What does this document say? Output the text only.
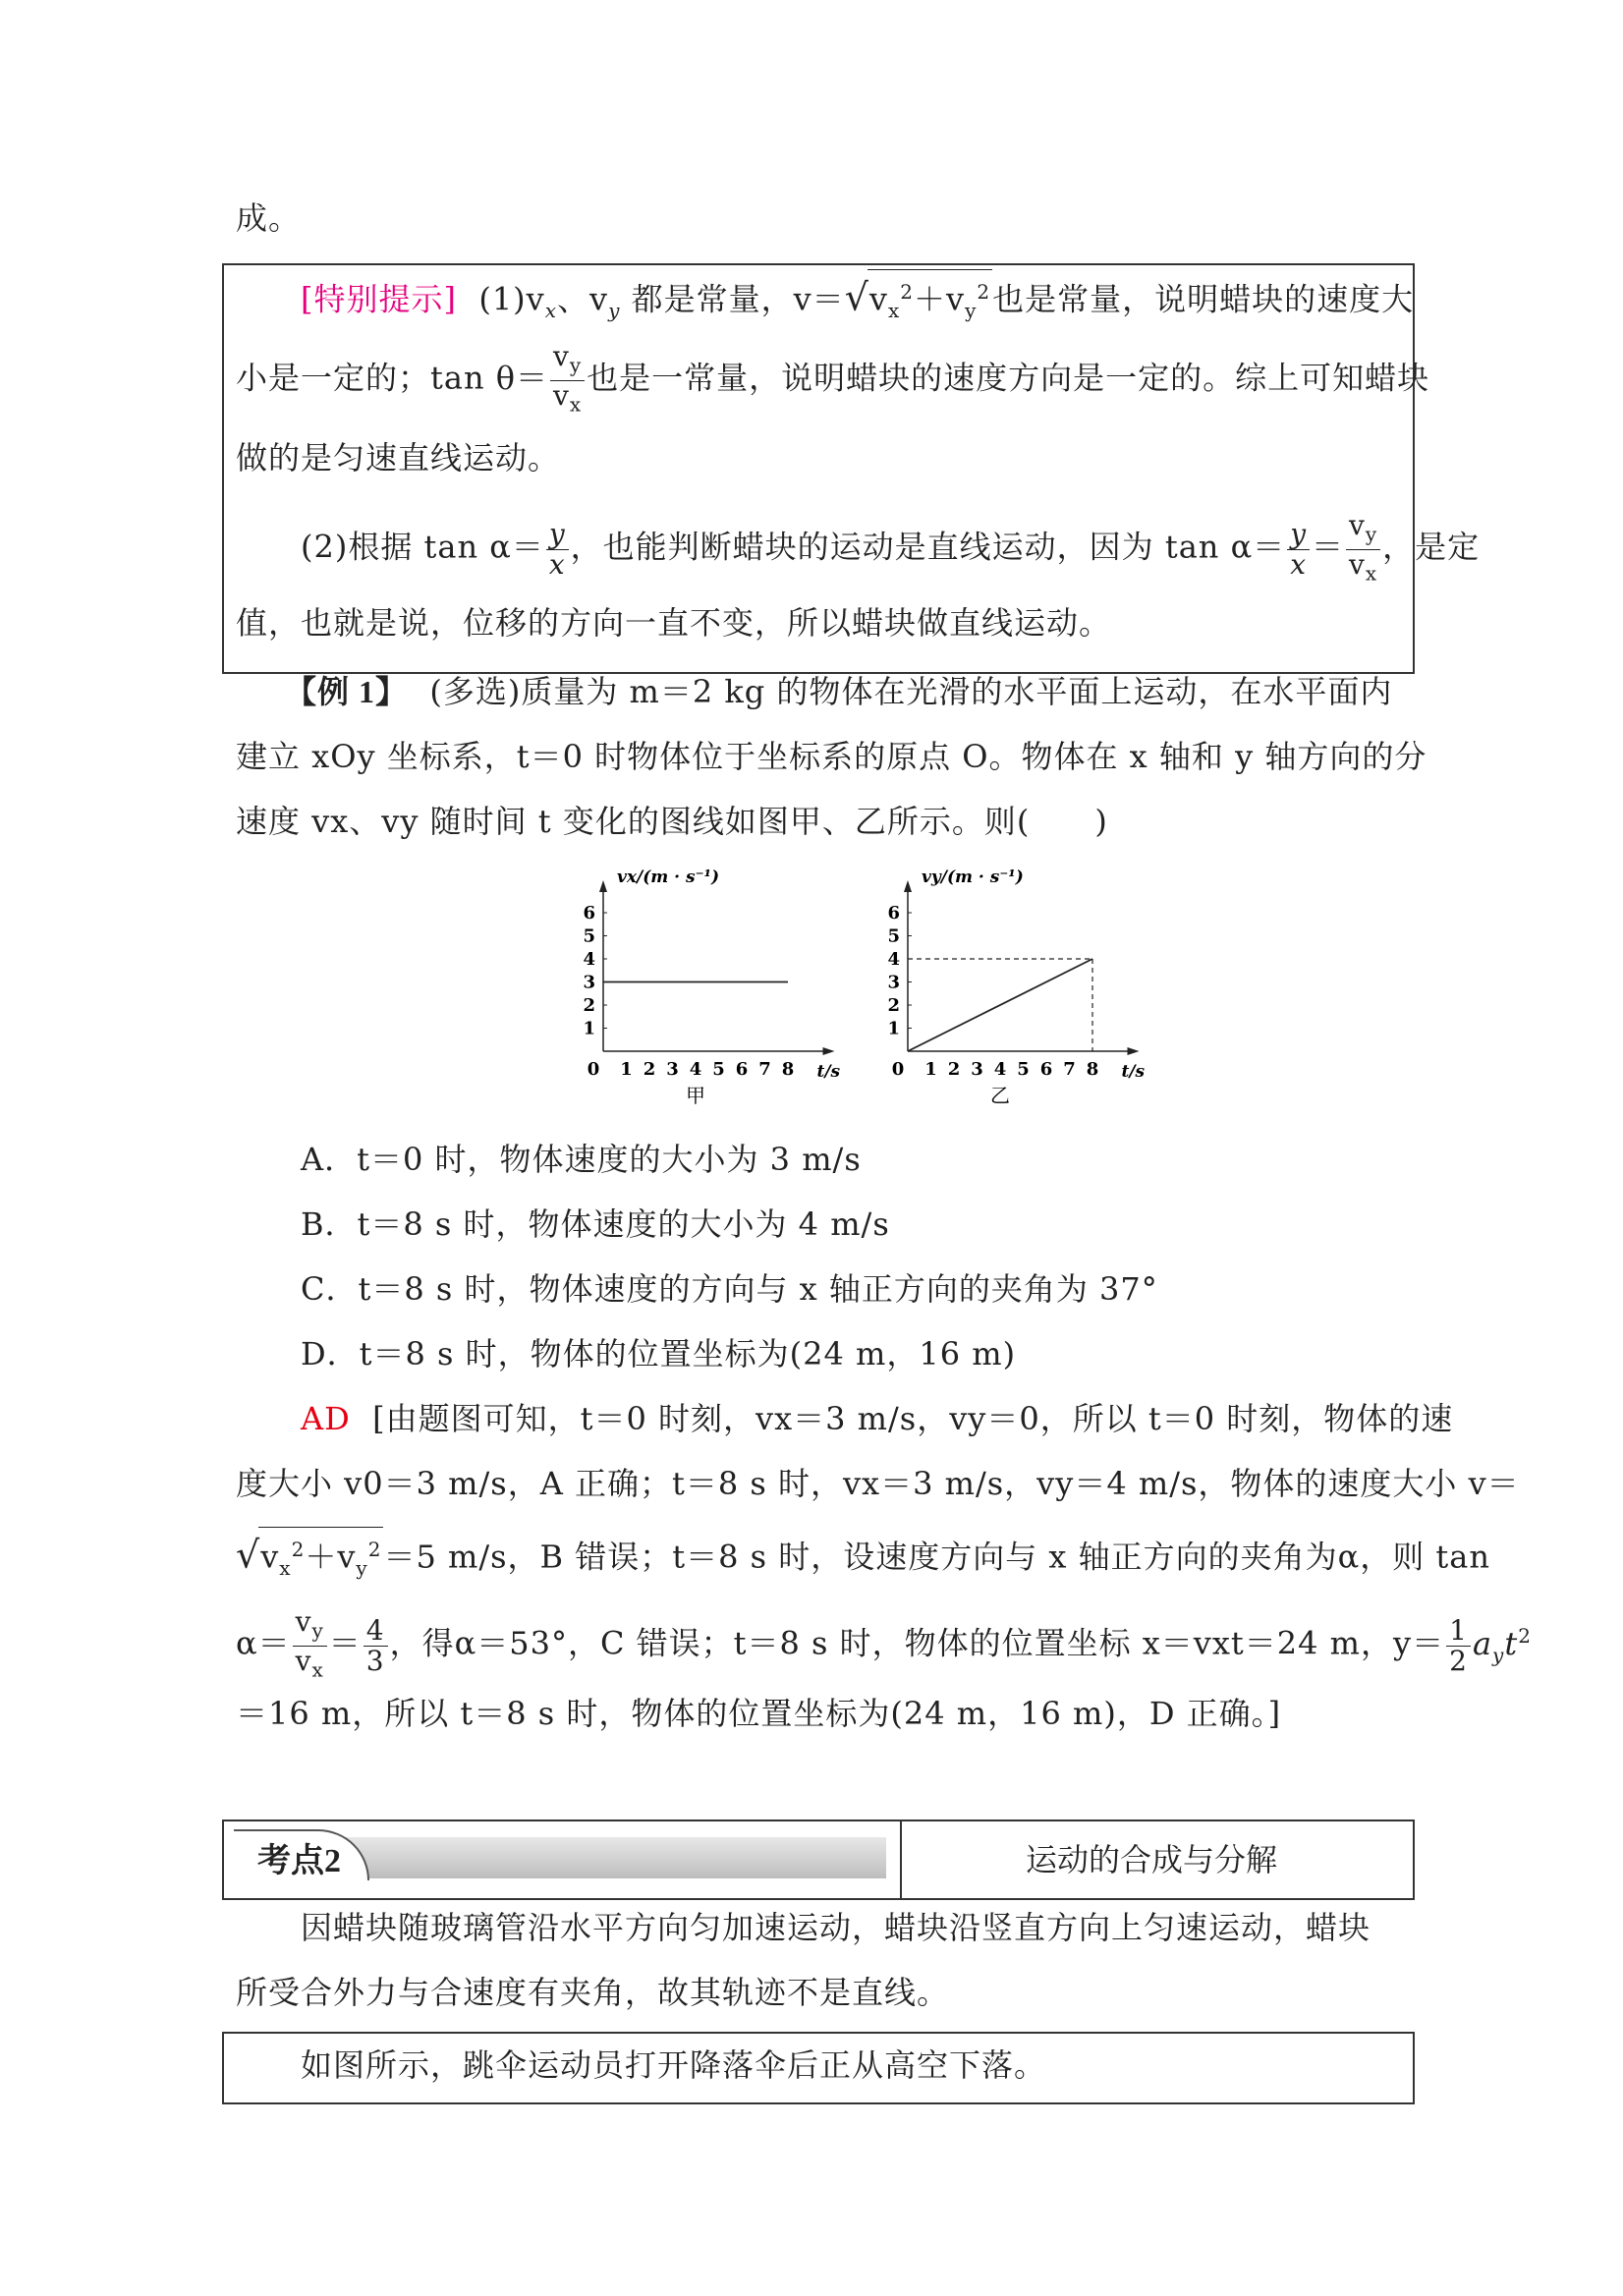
成。
[特别提示] $(1)v_x$、$v_y$ 都是常量，$v=√v_x^2+v_y^2$也是常量，说明蜡块的速度大
小是一定的；$\tan \theta= \frac{v_y}{v_x}$ 也是一常量，说明蜡块的速度方向是一定的。综上可知蜡块
做的是匀速直线运动。
(2)根据 $\tan \alpha= \frac{y}{x}$ ，也能判断蜡块的运动是直线运动，因为 $\tan \alpha= \frac{y}{x} = \frac{v_y}{v_x}$ ，是定
值，也就是说，位移的方向一直不变，所以蜡块做直线运动。
【例 1】 (多选)质量为 m＝2 kg 的物体在光滑的水平面上运动，在水平面内
建立 xOy 坐标系，t＝0 时物体位于坐标系的原点 O。物体在 x 轴和 y 轴方向的分
速度 vx、vy 随时间 t 变化的图线如图甲、乙所示。则(　　)
vx/(m · s⁻¹)
t/s
1
2
3
4
5
6
0 1 2 3 4 5 6 7 8
甲
vy/(m · s⁻¹)
t/s
1
2
3
4
5
6
0 1 2 3 4 5 6 7 8
乙
A．t＝0 时，物体速度的大小为 3 m/s
B．t＝8 s 时，物体速度的大小为 4 m/s
C．t＝8 s 时，物体速度的方向与 x 轴正方向的夹角为 37°
D．t＝8 s 时，物体的位置坐标为(24 m，16 m)
AD [由题图可知，t＝0 时刻，vx＝3 m/s，vy＝0，所以 t＝0 时刻，物体的速
度大小 v0＝3 m/s，A 正确；t＝8 s 时，vx＝3 m/s，vy＝4 m/s，物体的速度大小 v＝
$√v_x^2+v_y^2=5$ m/s，B 错误；t＝8 s 时，设速度方向与 x 轴正方向的夹角为α，则 tan
$\alpha= \frac{v_y}{v_x} = \frac{4}{3}$ ，得α＝53°，C 错误；t＝8 s 时，物体的位置坐标 x＝vxt＝24 m，$y= \frac{1}{2} a_yt^2$
＝16 m，所以 t＝8 s 时，物体的位置坐标为(24 m，16 m)，D 正确。]
考点2	运动的合成与分解
因蜡块随玻璃管沿水平方向匀加速运动，蜡块沿竖直方向上匀速运动，蜡块
所受合外力与合速度有夹角，故其轨迹不是直线。
如图所示，跳伞运动员打开降落伞后正从高空下落。
